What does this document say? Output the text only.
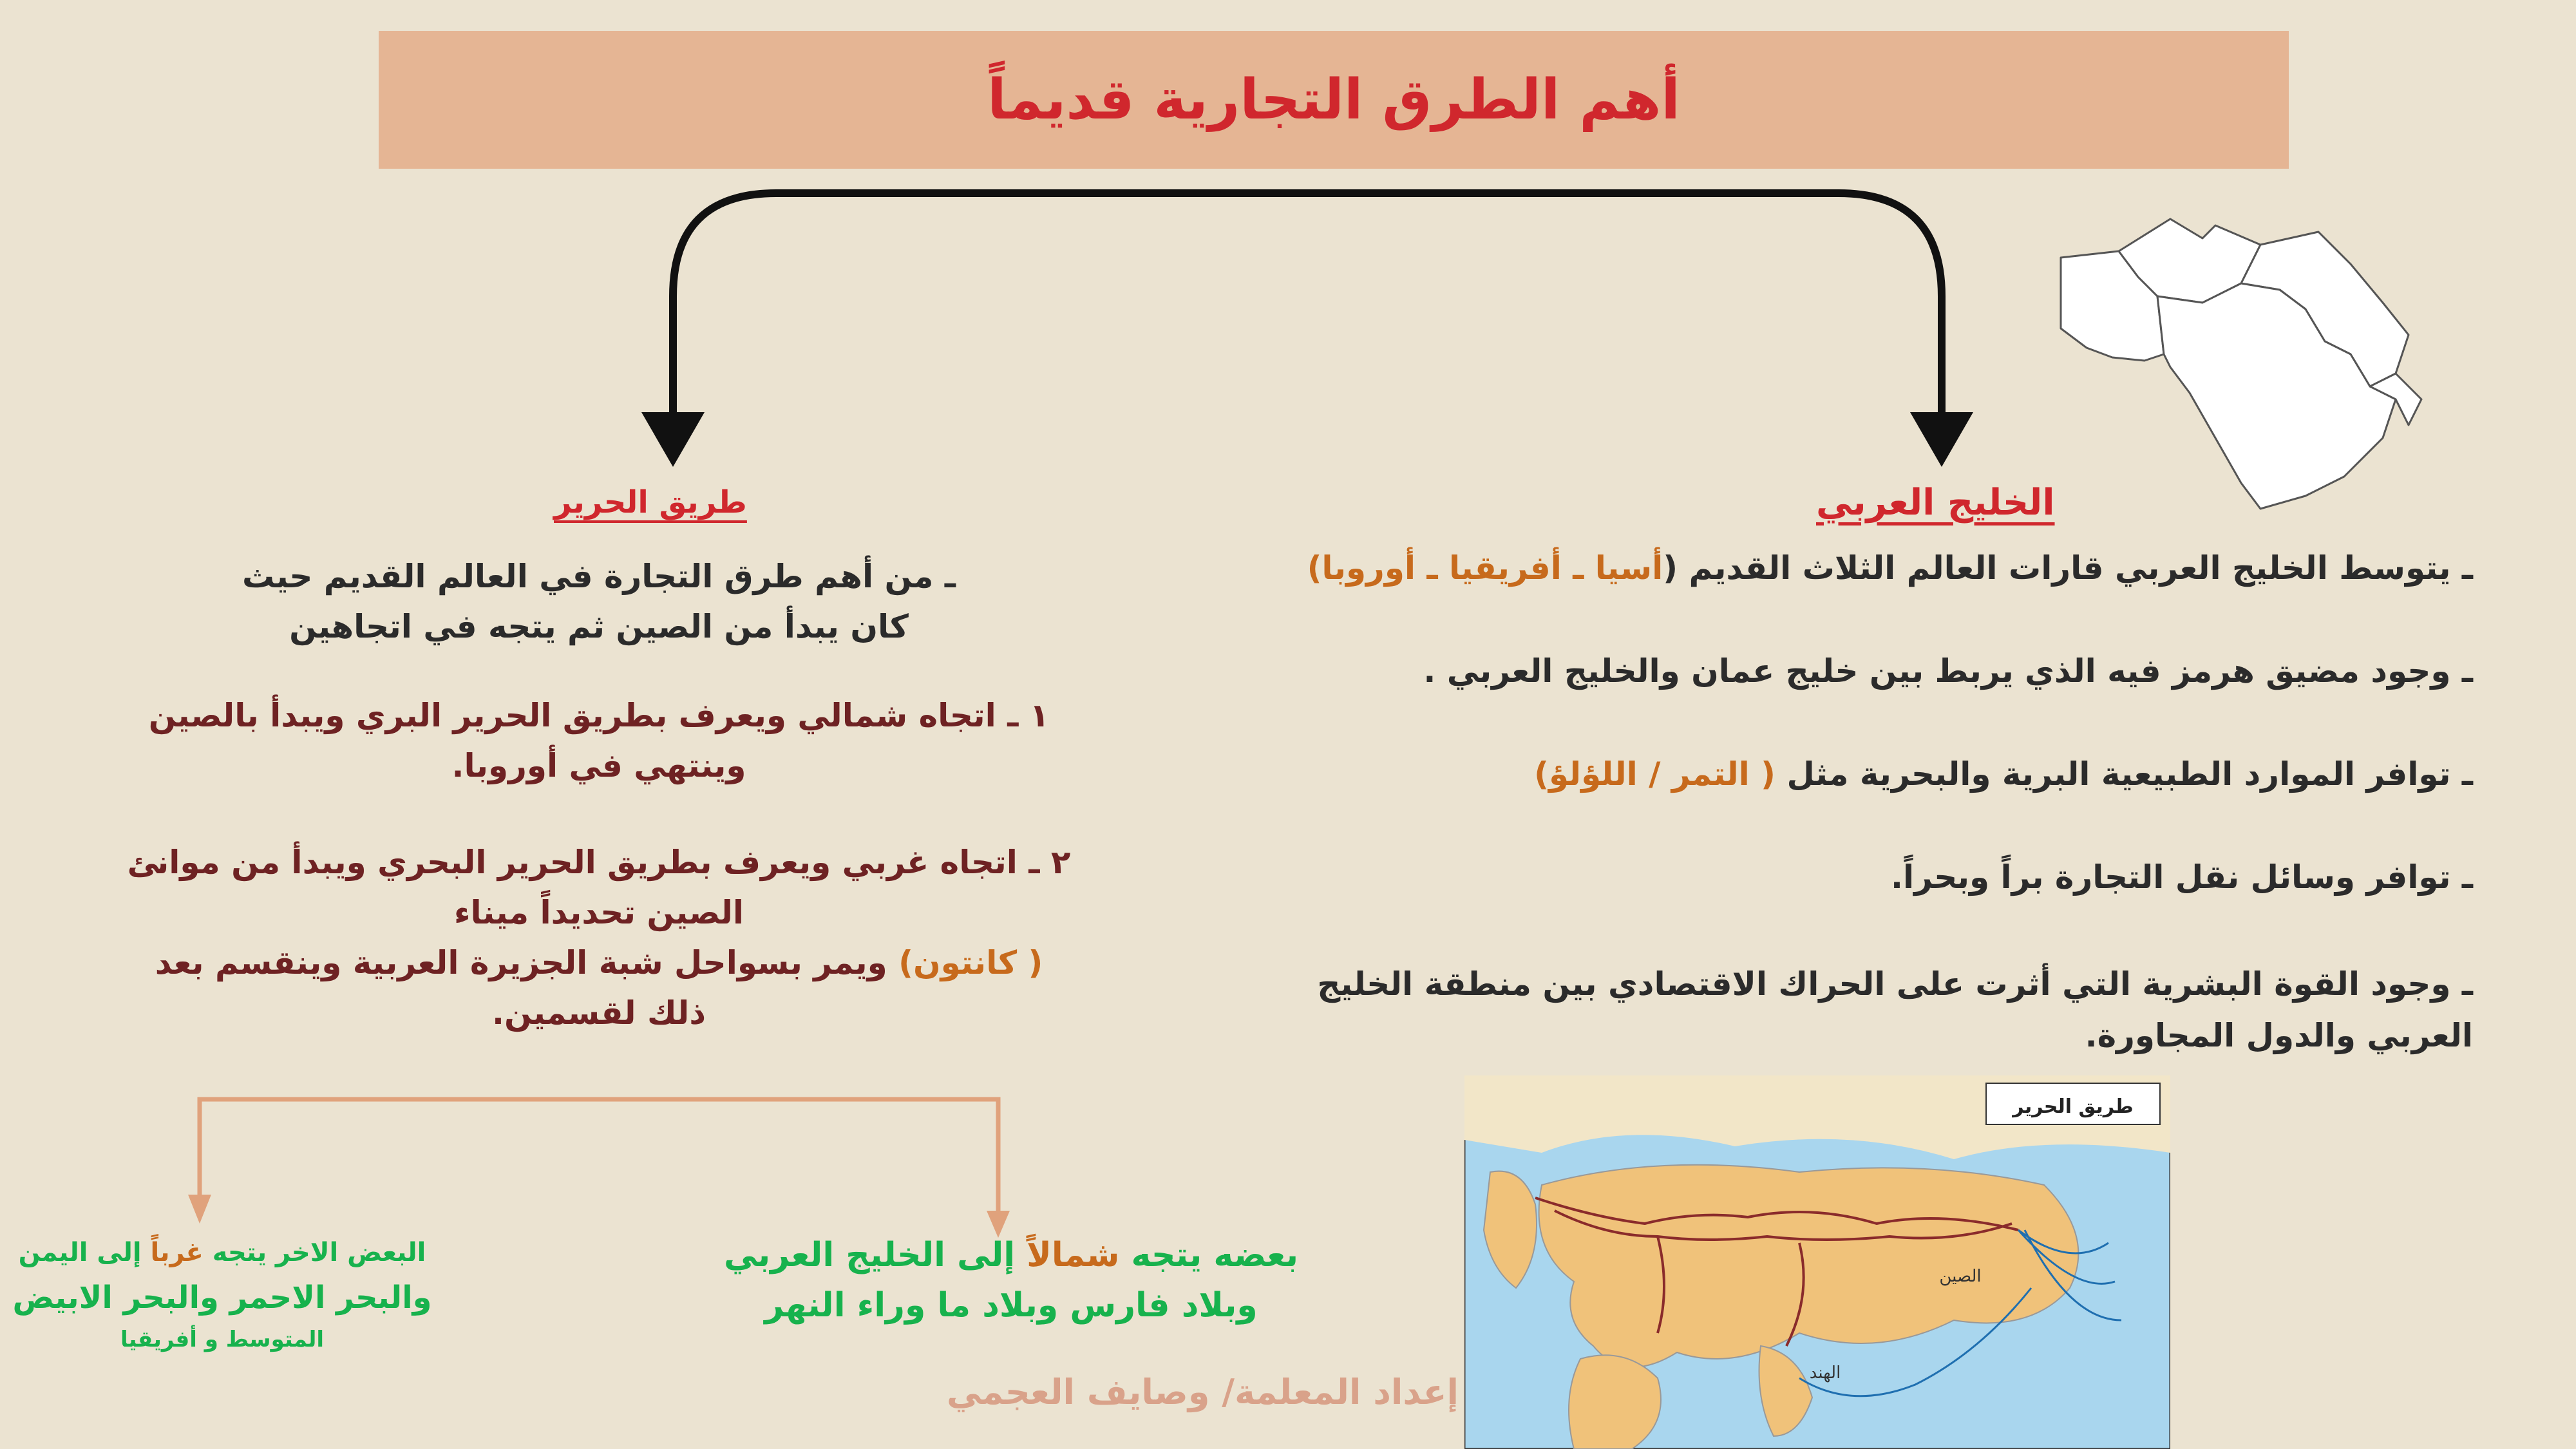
أهم الطرق التجارية قديماً
الخليج العربي
ـ يتوسط الخليج العربي قارات العالم الثلاث القديم (أسيا ـ أفريقيا ـ أوروبا)
ـ وجود مضيق هرمز فيه الذي يربط بين خليج عمان والخليج العربي .
ـ توافر الموارد الطبيعية البرية والبحرية مثل ( التمر / اللؤلؤ)
ـ توافر وسائل نقل التجارة براً وبحراً.
ـ وجود القوة البشرية التي أثرت على الحراك الاقتصادي بين منطقة الخليج
العربي والدول المجاورة.
طريق الحرير
ـ من أهم طرق التجارة في العالم القديم حيث
كان يبدأ من الصين ثم يتجه في اتجاهين
١ ـ اتجاه شمالي ويعرف بطريق الحرير البري ويبدأ بالصين
وينتهي في أوروبا.
٢ ـ اتجاه غربي ويعرف بطريق الحرير البحري ويبدأ من موانئ
الصين تحديداً ميناء
( كانتون) ويمر بسواحل شبة الجزيرة العربية وينقسم بعد
ذلك لقسمين.
بعضه يتجه شمالاً إلى الخليج العربي
وبلاد فارس وبلاد ما وراء النهر
البعض الاخر يتجه غرباً إلى اليمن
والبحر الاحمر والبحر الابيض
المتوسط و أفريقيا
إعداد المعلمة/ وصايف العجمي
طريق الحرير
الصين
الهند
